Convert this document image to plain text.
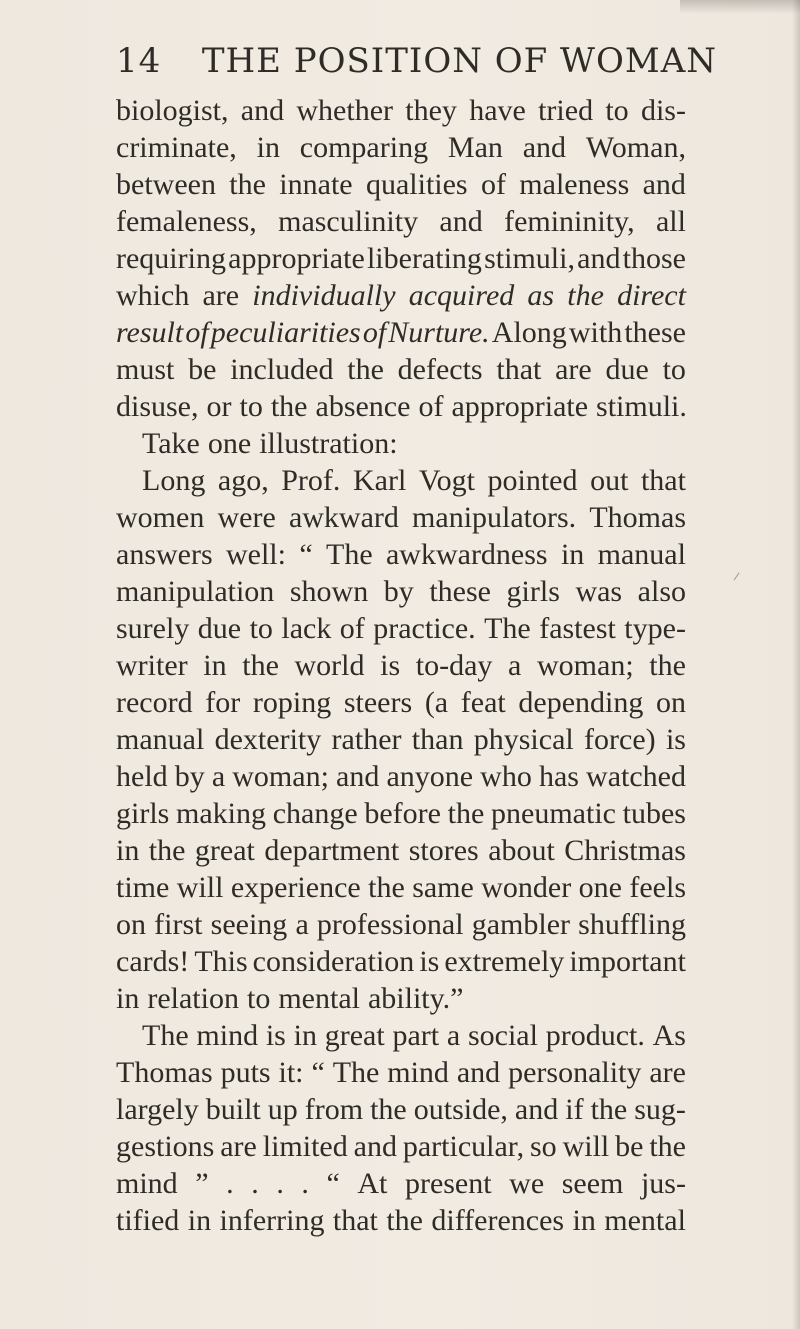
14 THE POSITION OF WOMAN
biologist, and whether they have tried to dis-
criminate, in comparing Man and Woman,
between the innate qualities of maleness and
femaleness, masculinity and femininity, all
requiring appropriate liberating stimuli, and those
which are individually acquired as the direct
result of peculiarities of Nurture. Along with these
must be included the defects that are due to
disuse, or to the absence of appropriate stimuli.
Take one illustration:
Long ago, Prof. Karl Vogt pointed out that
women were awkward manipulators. Thomas
answers well: “ The awkwardness in manual
manipulation shown by these girls was also
surely due to lack of practice. The fastest type-
writer in the world is to-day a woman; the
record for roping steers (a feat depending on
manual dexterity rather than physical force) is
held by a woman; and anyone who has watched
girls making change before the pneumatic tubes
in the great department stores about Christmas
time will experience the same wonder one feels
on first seeing a professional gambler shuffling
cards! This consideration is extremely important
in relation to mental ability.”
The mind is in great part a social product. As
Thomas puts it: “ The mind and personality are
largely built up from the outside, and if the sug-
gestions are limited and particular, so will be the
mind ” . . . . “ At present we seem jus-
tified in inferring that the differences in mental
